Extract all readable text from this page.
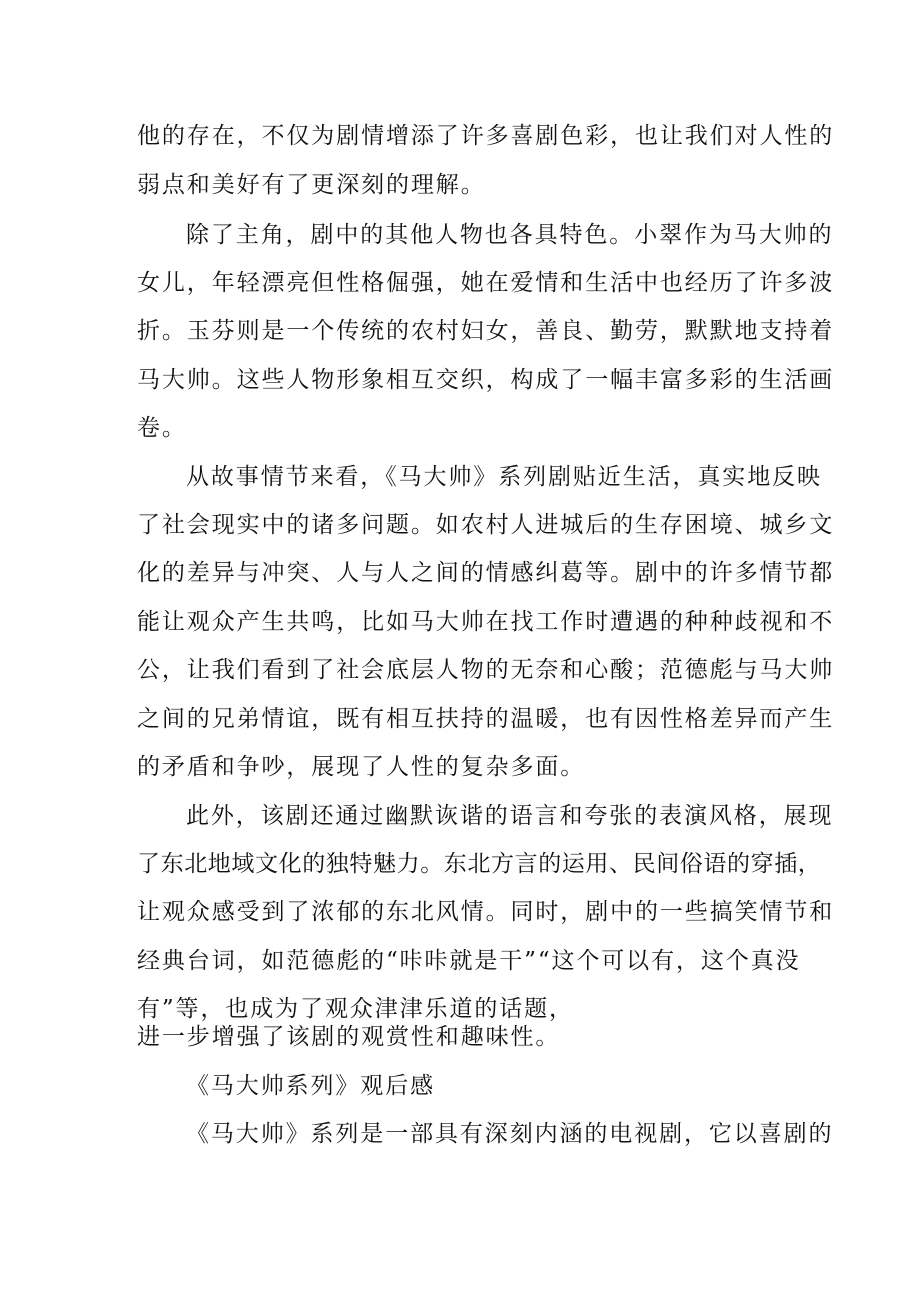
他的存在，不仅为剧情增添了许多喜剧色彩，也让我们对人性的
弱点和美好有了更深刻的理解。
除了主角，剧中的其他人物也各具特色。小翠作为马大帅的
女儿，年轻漂亮但性格倔强，她在爱情和生活中也经历了许多波
折。玉芬则是一个传统的农村妇女，善良、勤劳，默默地支持着
马大帅。这些人物形象相互交织，构成了一幅丰富多彩的生活画
卷。
从故事情节来看，《马大帅》系列剧贴近生活，真实地反映
了社会现实中的诸多问题。如农村人进城后的生存困境、城乡文
化的差异与冲突、人与人之间的情感纠葛等。剧中的许多情节都
能让观众产生共鸣，比如马大帅在找工作时遭遇的种种歧视和不
公，让我们看到了社会底层人物的无奈和心酸；范德彪与马大帅
之间的兄弟情谊，既有相互扶持的温暖，也有因性格差异而产生
的矛盾和争吵，展现了人性的复杂多面。
此外，该剧还通过幽默诙谐的语言和夸张的表演风格，展现
了东北地域文化的独特魅力。东北方言的运用、民间俗语的穿插，
让观众感受到了浓郁的东北风情。同时，剧中的一些搞笑情节和
经典台词，如范德彪的“咔咔就是干”“这个可以有，这个真没
有”等，也成为了观众津津乐道的话题，
进一步增强了该剧的观赏性和趣味性。
《马大帅系列》观后感
《马大帅》系列是一部具有深刻内涵的电视剧，它以喜剧的
